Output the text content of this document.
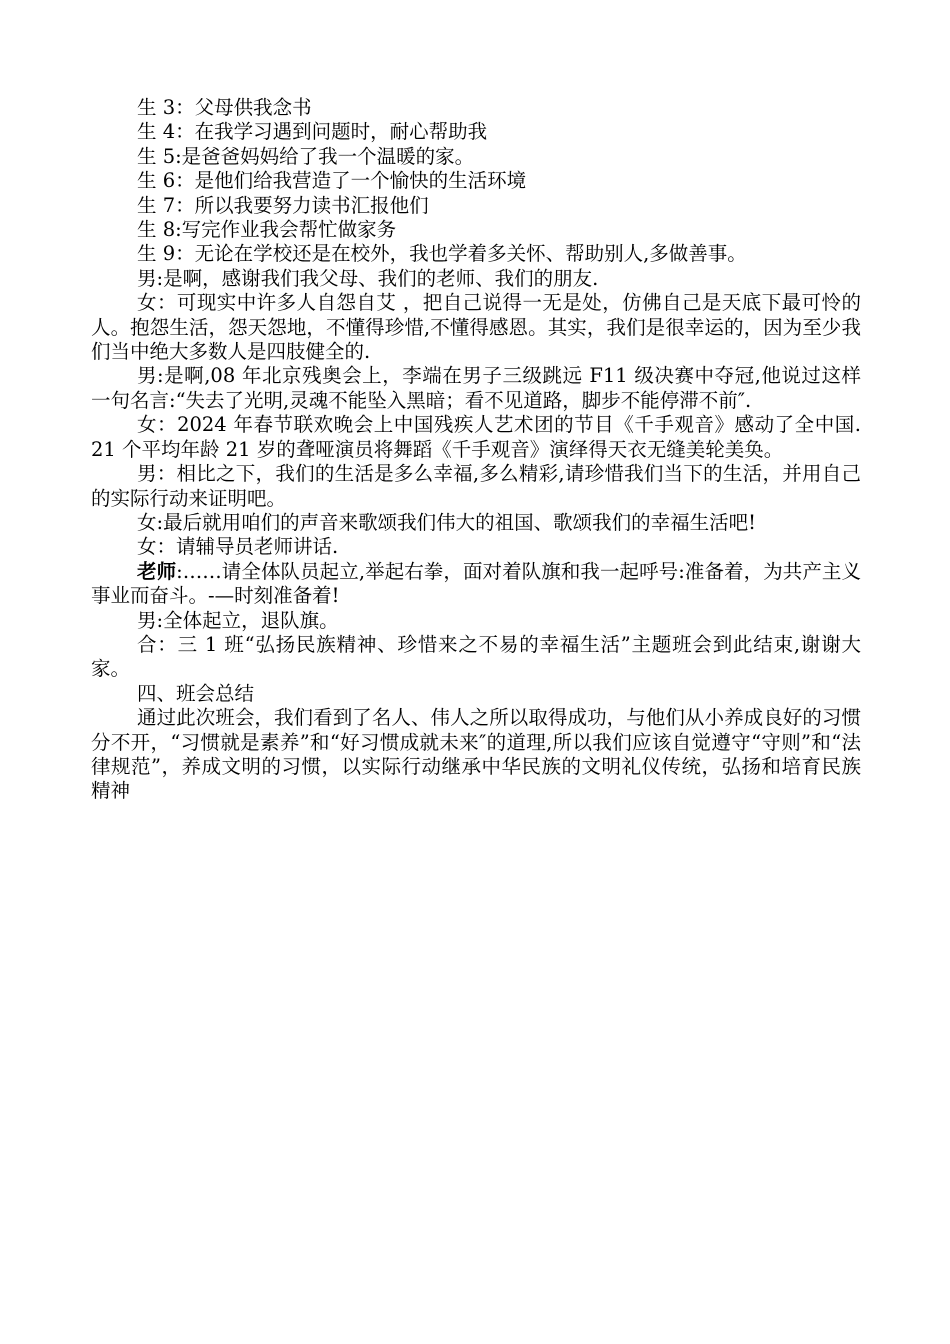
生 3：父母供我念书

生 4：在我学习遇到问题时，耐心帮助我

生 5:是爸爸妈妈给了我一个温暖的家。

生 6：是他们给我营造了一个愉快的生活环境

生 7：所以我要努力读书汇报他们

生 8:写完作业我会帮忙做家务

生 9：无论在学校还是在校外，我也学着多关怀、帮助别人,多做善事。

男:是啊，感谢我们我父母、我们的老师、我们的朋友.

女：可现实中许多人自怨自艾 ，把自己说得一无是处，仿佛自己是天底下最可怜的人。抱怨生活，怨天怨地，不懂得珍惜,不懂得感恩。其实，我们是很幸运的，因为至少我们当中绝大多数人是四肢健全的.

男:是啊,08 年北京残奥会上，李端在男子三级跳远 F11 级决赛中夺冠,他说过这样一句名言:“失去了光明,灵魂不能坠入黑暗；看不见道路，脚步不能停滞不前″.

女：2024 年春节联欢晚会上中国残疾人艺术团的节目《千手观音》感动了全中国. 21 个平均年龄 21 岁的聋哑演员将舞蹈《千手观音》演绎得天衣无缝美轮美奂。

男：相比之下，我们的生活是多么幸福,多么精彩,请珍惜我们当下的生活，并用自己的实际行动来证明吧。

女:最后就用咱们的声音来歌颂我们伟大的祖国、歌颂我们的幸福生活吧!

女：请辅导员老师讲话.

老师:……请全体队员起立,举起右拳，面对着队旗和我一起呼号:准备着，为共产主义事业而奋斗。-—时刻准备着!

男:全体起立，退队旗。

合：三 1 班“弘扬民族精神、珍惜来之不易的幸福生活”主题班会到此结束,谢谢大家。

四、班会总结

通过此次班会，我们看到了名人、伟人之所以取得成功，与他们从小养成良好的习惯分不开，“习惯就是素养”和“好习惯成就未来″的道理,所以我们应该自觉遵守“守则”和“法律规范”，养成文明的习惯，以实际行动继承中华民族的文明礼仪传统，弘扬和培育民族精神
